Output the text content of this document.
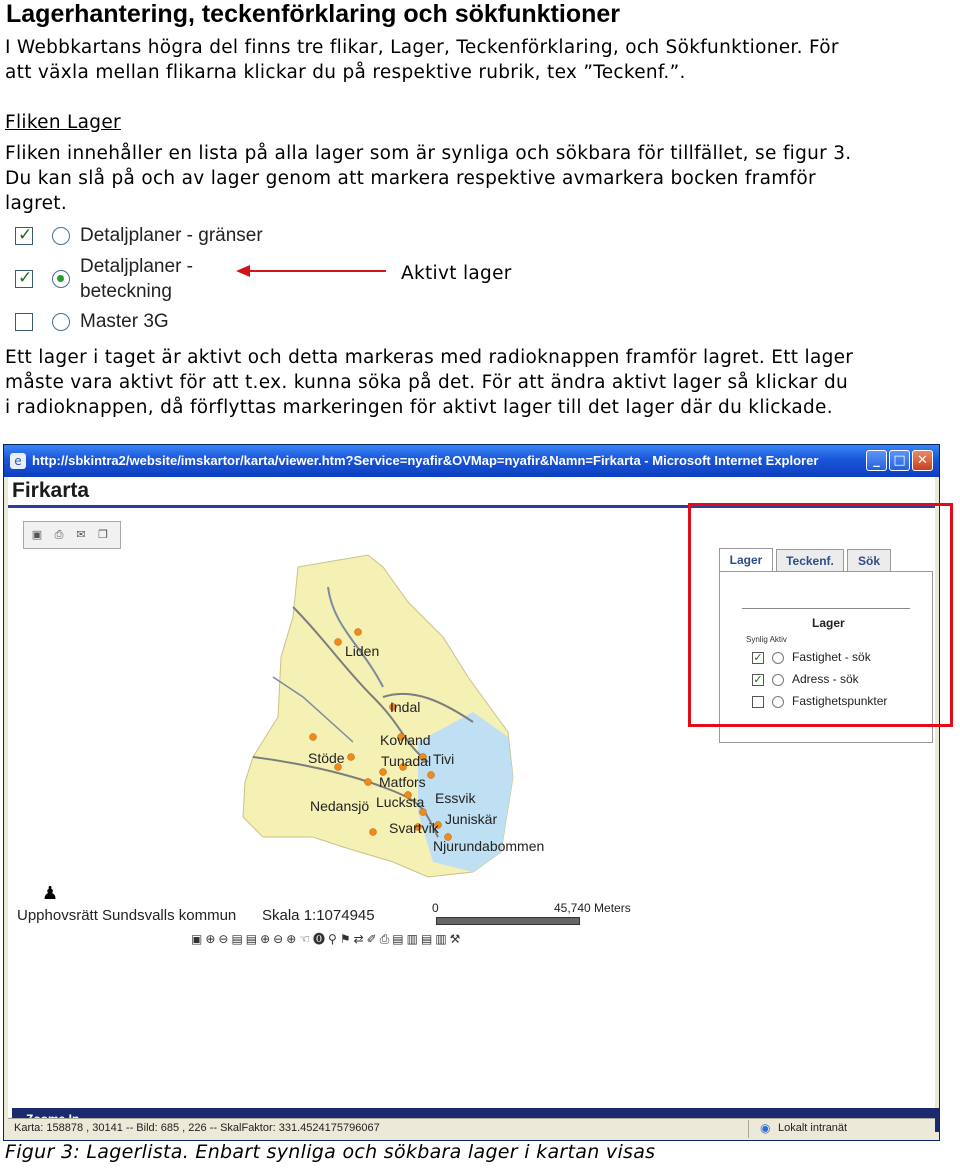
Lagerhantering, teckenförklaring och sökfunktioner
I Webbkartans högra del finns tre flikar, Lager, Teckenförklaring, och Sökfunktioner. För
att växla mellan flikarna klickar du på respektive rubrik, tex ”Teckenf.”.
Fliken Lager
Fliken innehåller en lista på alla lager som är synliga och sökbara för tillfället, se figur 3.
Du kan slå på och av lager genom att markera respektive avmarkera bocken framför
lagret.
✓	Detaljplaner - gränser
✓
Detaljplaner -
beteckning
Master 3G
Aktivt lager
Ett lager i taget är aktivt och detta markeras med radioknappen framför lagret. Ett lager
måste vara aktivt för att t.ex. kunna söka på det. För att ändra aktivt lager så klickar du
i radioknappen, då förflyttas markeringen för aktivt lager till det lager där du klickade.
e http://sbkintra2/website/imskartor/karta/viewer.htm?Service=nyafir&OVMap=nyafir&Namn=Firkarta - Microsoft Internet Explorer	_	□ ✕
Firkarta
▣ ⎙ ✉ ❐
Liden
Indal
Kovland
Stöde	Tunadal Tivi
Matfors
Lucksta Essvik
Nedansjö
Juniskär
Svartvik
Njurundabommen
♟
Upphovsrätt Sundsvalls kommun Skala 1:1074945	0	45,740 Meters
▣⊕⊖▤▤⊕⊖⊕☜⓿⚲⚑⇄✐⎙▤▥▤▥⚒
Lager	Teckenf.	Sök
Lager
Synlig Aktiv
✓ Fastighet - sök
✓ Adress - sök
Fastighetspunkter
Karta: 158878 , 30141 -- Bild: 685 , 226 -- SkalFaktor: 331.4524175796067	◉ Lokalt intranät
Figur 3: Lagerlista. Enbart synliga och sökbara lager i kartan visas
